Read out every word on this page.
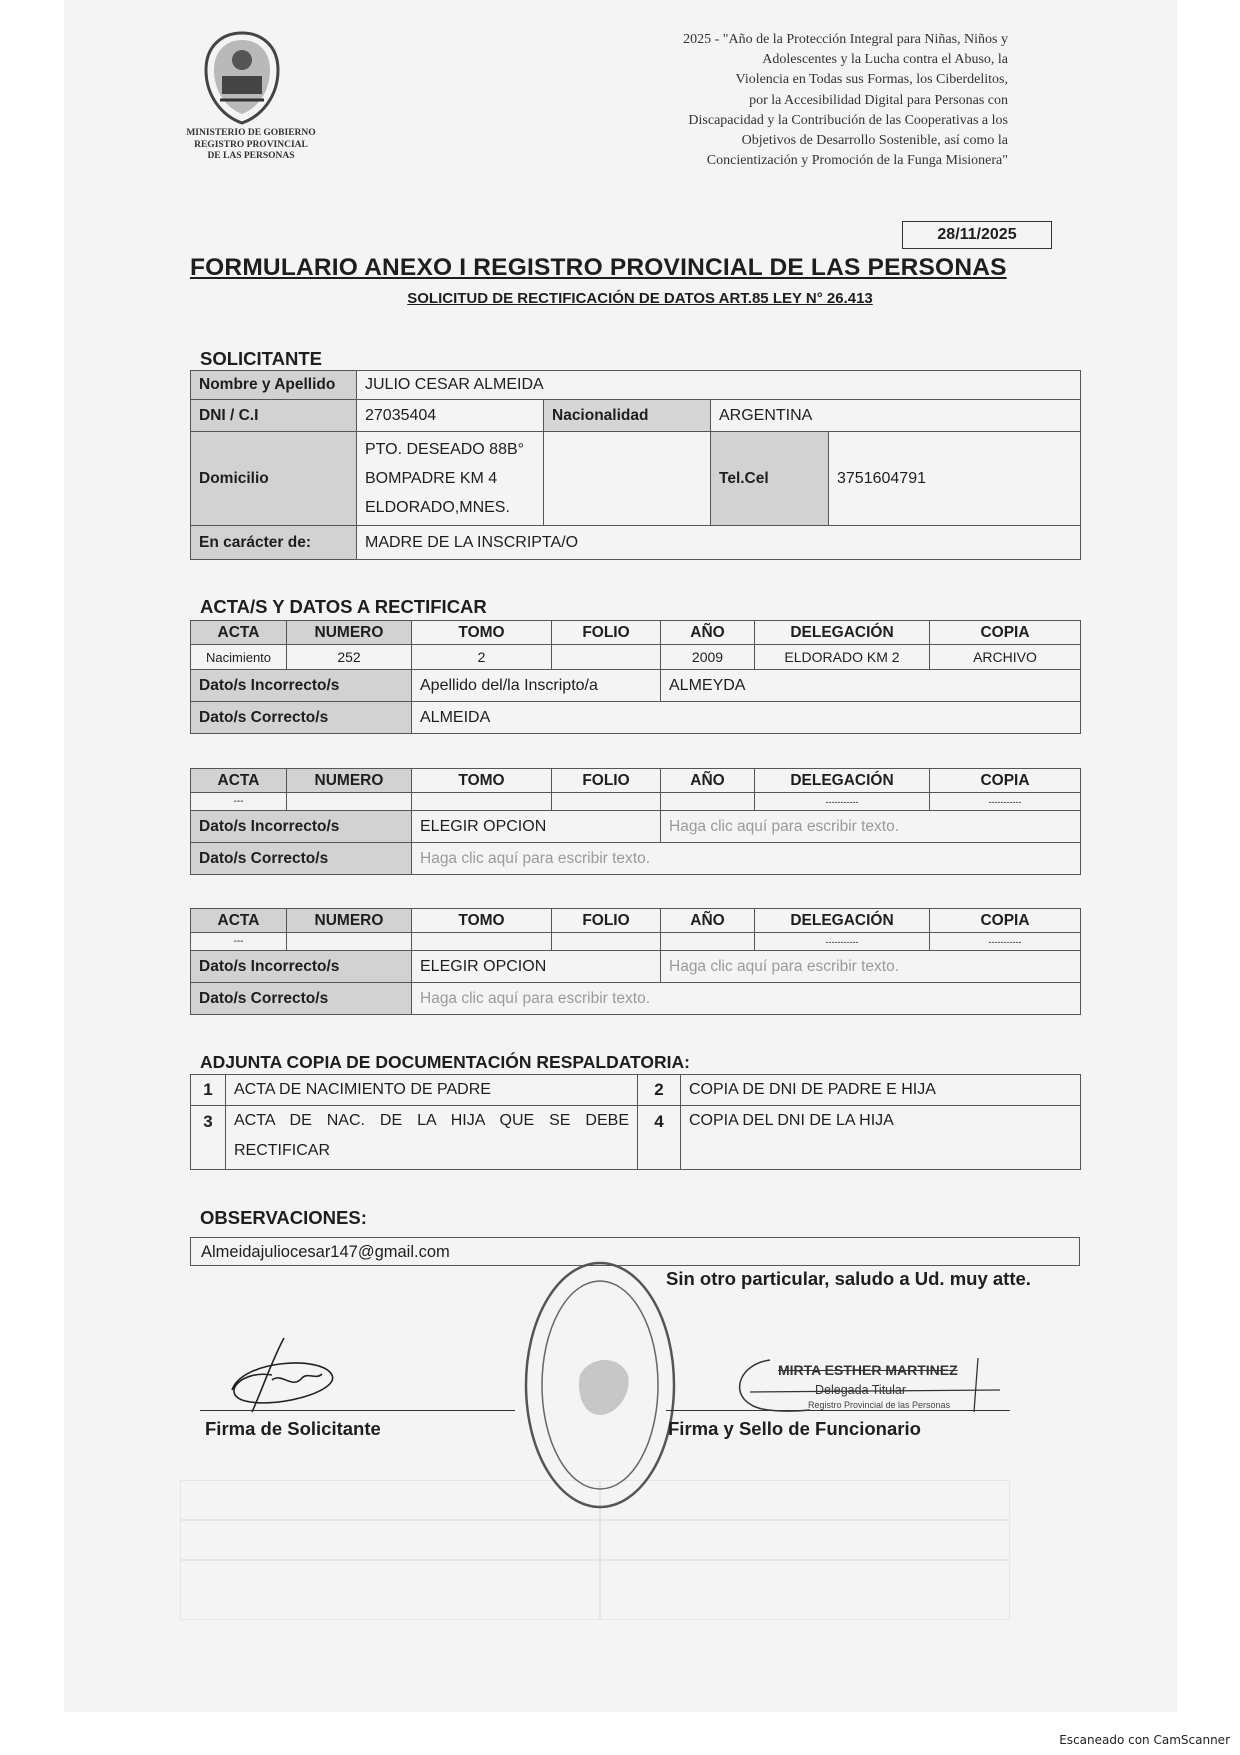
MINISTERIO DE GOBIERNO
REGISTRO PROVINCIAL
DE LAS PERSONAS
2025 - "Año de la Protección Integral para Niñas, Niños y
Adolescentes y la Lucha contra el Abuso, la
Violencia en Todas sus Formas, los Ciberdelitos,
por la Accesibilidad Digital para Personas con
Discapacidad y la Contribución de las Cooperativas a los
Objetivos de Desarrollo Sostenible, así como la
Concientización y Promoción de la Funga Misionera"
28/11/2025
FORMULARIO ANEXO I REGISTRO PROVINCIAL DE LAS PERSONAS
SOLICITUD DE RECTIFICACIÓN DE DATOS ART.85 LEY N° 26.413
SOLICITANTE
Nombre y Apellido	JULIO CESAR ALMEIDA			
DNI / C.I	27035404	Nacionalidad	ARGENTINA	
Domicilio	PTO. DESEADO 88B°
BOMPADRE KM 4
ELDORADO,MNES.		Tel.Cel	3751604791
En carácter de:	MADRE DE LA INSCRIPTA/O			
ACTA/S Y DATOS A RECTIFICAR
ACTA	NUMERO	TOMO	FOLIO	AÑO	DELEGACIÓN	COPIA
Nacimiento	252	2		2009	ELDORADO KM 2	ARCHIVO
Dato/s Incorrecto/s		Apellido del/la Inscripto/a		ALMEYDA		
Dato/s Correcto/s		ALMEIDA				
ACTA	NUMERO	TOMO	FOLIO	AÑO	DELEGACIÓN	COPIA
---					-----------	-----------
Dato/s Incorrecto/s		ELEGIR OPCION		Haga clic aquí para escribir texto.		
Dato/s Correcto/s		Haga clic aquí para escribir texto.				
ACTA	NUMERO	TOMO	FOLIO	AÑO	DELEGACIÓN	COPIA
---					-----------	-----------
Dato/s Incorrecto/s		ELEGIR OPCION		Haga clic aquí para escribir texto.		
Dato/s Correcto/s		Haga clic aquí para escribir texto.				
ADJUNTA COPIA DE DOCUMENTACIÓN RESPALDATORIA:
1	ACTA DE NACIMIENTO DE PADRE	2	COPIA DE DNI DE PADRE E HIJA
3	ACTA DE NAC. DE LA HIJA QUE SE DEBE RECTIFICAR	4	COPIA DEL DNI DE LA HIJA
OBSERVACIONES:
Almeidajuliocesar147@gmail.com
Sin otro particular, saludo a Ud. muy atte.
Firma de Solicitante
MIRTA ESTHER MARTINEZ
Delegada Titular
Registro Provincial de las Personas
Firma y Sello de Funcionario
Escaneado con CamScanner
